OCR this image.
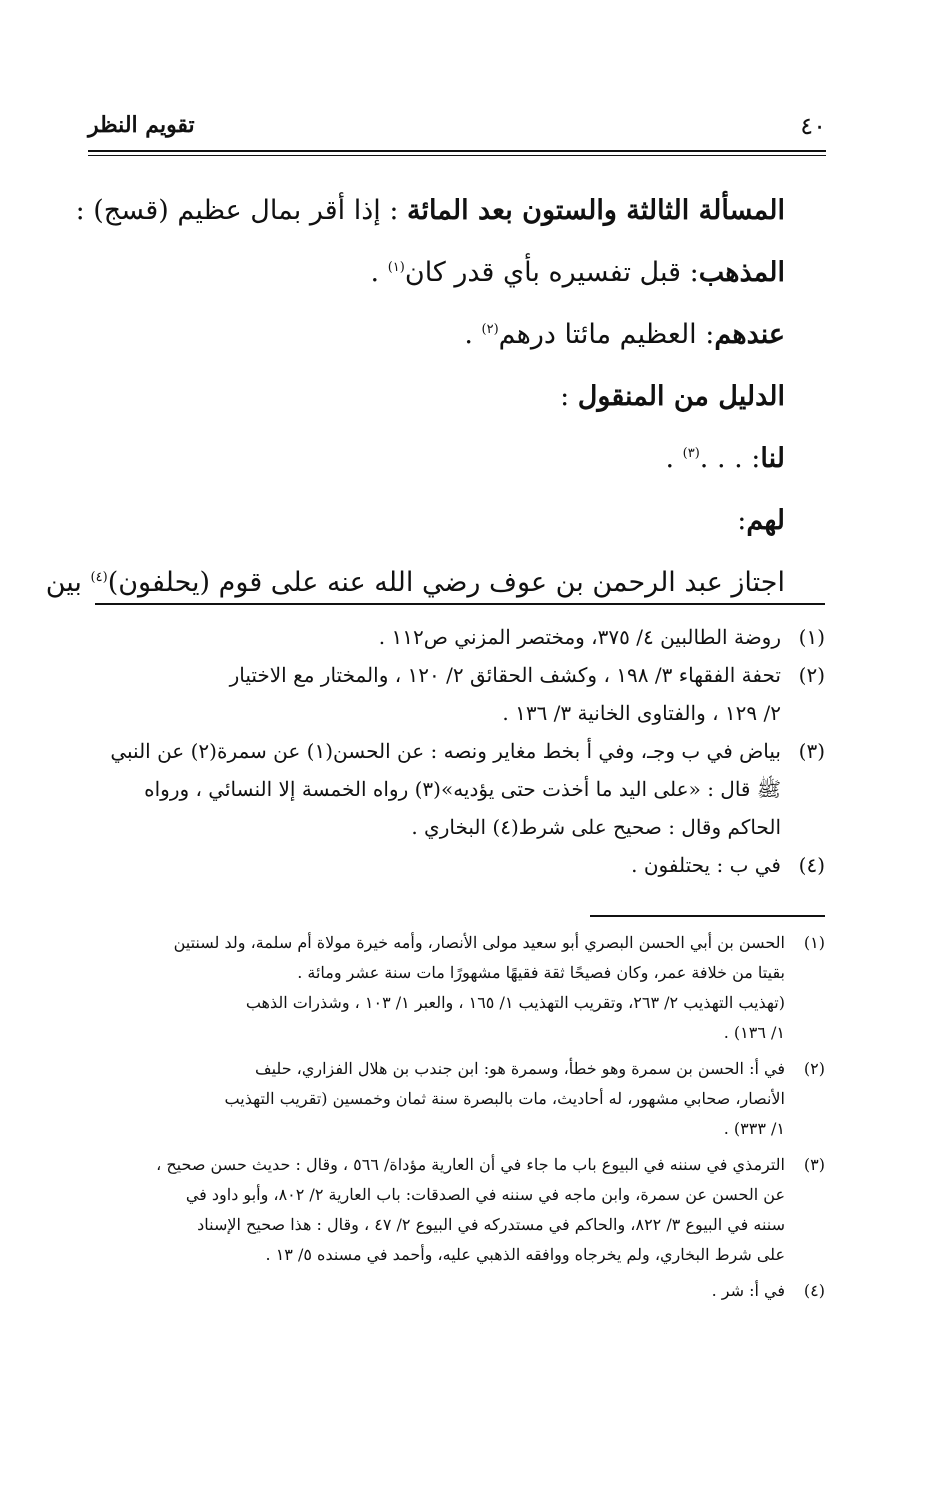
٤٠
تقويم النظر
المسألة الثالثة والستون بعد المائة : إذا أقر بمال عظيم (قسج) :
المذهب: قبل تفسيره بأي قدر كان$^{(١)}$ .
عندهم: العظيم مائتا درهم$^{(٢)}$ .
الدليل من المنقول :
لنا: . . .$^{(٣)}$ .
لهم:
اجتاز عبد الرحمن بن عوف رضي الله عنه على قوم (يحلفون)$^{(٤)}$ بين
(١)
روضة الطالبين ٤/ ٣٧٥، ومختصر المزني ص١١٢ .
(٢)
تحفة الفقهاء ٣/ ١٩٨ ، وكشف الحقائق ٢/ ١٢٠ ، والمختار مع الاختيار
٢/ ١٢٩ ، والفتاوى الخانية ٣/ ١٣٦ .
(٣)
بياض في ب وجـ، وفي أ بخط مغاير ونصه : عن الحسن(١) عن سمرة(٢) عن النبي
ﷺ قال : «على اليد ما أخذت حتى يؤديه»(٣) رواه الخمسة إلا النسائي ، ورواه
الحاكم وقال : صحيح على شرط(٤) البخاري .
(٤)
في ب : يحتلفون .
(١)
الحسن بن أبي الحسن البصري أبو سعيد مولى الأنصار، وأمه خيرة مولاة أم سلمة، ولد لسنتين
بقيتا من خلافة عمر، وكان فصيحًا ثقة فقيهًا مشهورًا مات سنة عشر ومائة .
(تهذيب التهذيب ٢/ ٢٦٣، وتقريب التهذيب ١/ ١٦٥ ، والعبر ١/ ١٠٣ ، وشذرات الذهب
١/ ١٣٦) .
(٢)
في أ: الحسن بن سمرة وهو خطأ، وسمرة هو: ابن جندب بن هلال الفزاري، حليف
الأنصار، صحابي مشهور، له أحاديث، مات بالبصرة سنة ثمان وخمسين (تقريب التهذيب
١/ ٣٣٣) .
(٣)
الترمذي في سننه في البيوع باب ما جاء في أن العارية مؤداة/ ٥٦٦ ، وقال : حديث حسن صحيح ،
عن الحسن عن سمرة، وابن ماجه في سننه في الصدقات: باب العارية ٢/ ٨٠٢، وأبو داود في
سننه في البيوع ٣/ ٨٢٢، والحاكم في مستدركه في البيوع ٢/ ٤٧ ، وقال : هذا صحيح الإسناد
على شرط البخاري، ولم يخرجاه ووافقه الذهبي عليه، وأحمد في مسنده ٥/ ١٣ .
(٤)
في أ: شر .
